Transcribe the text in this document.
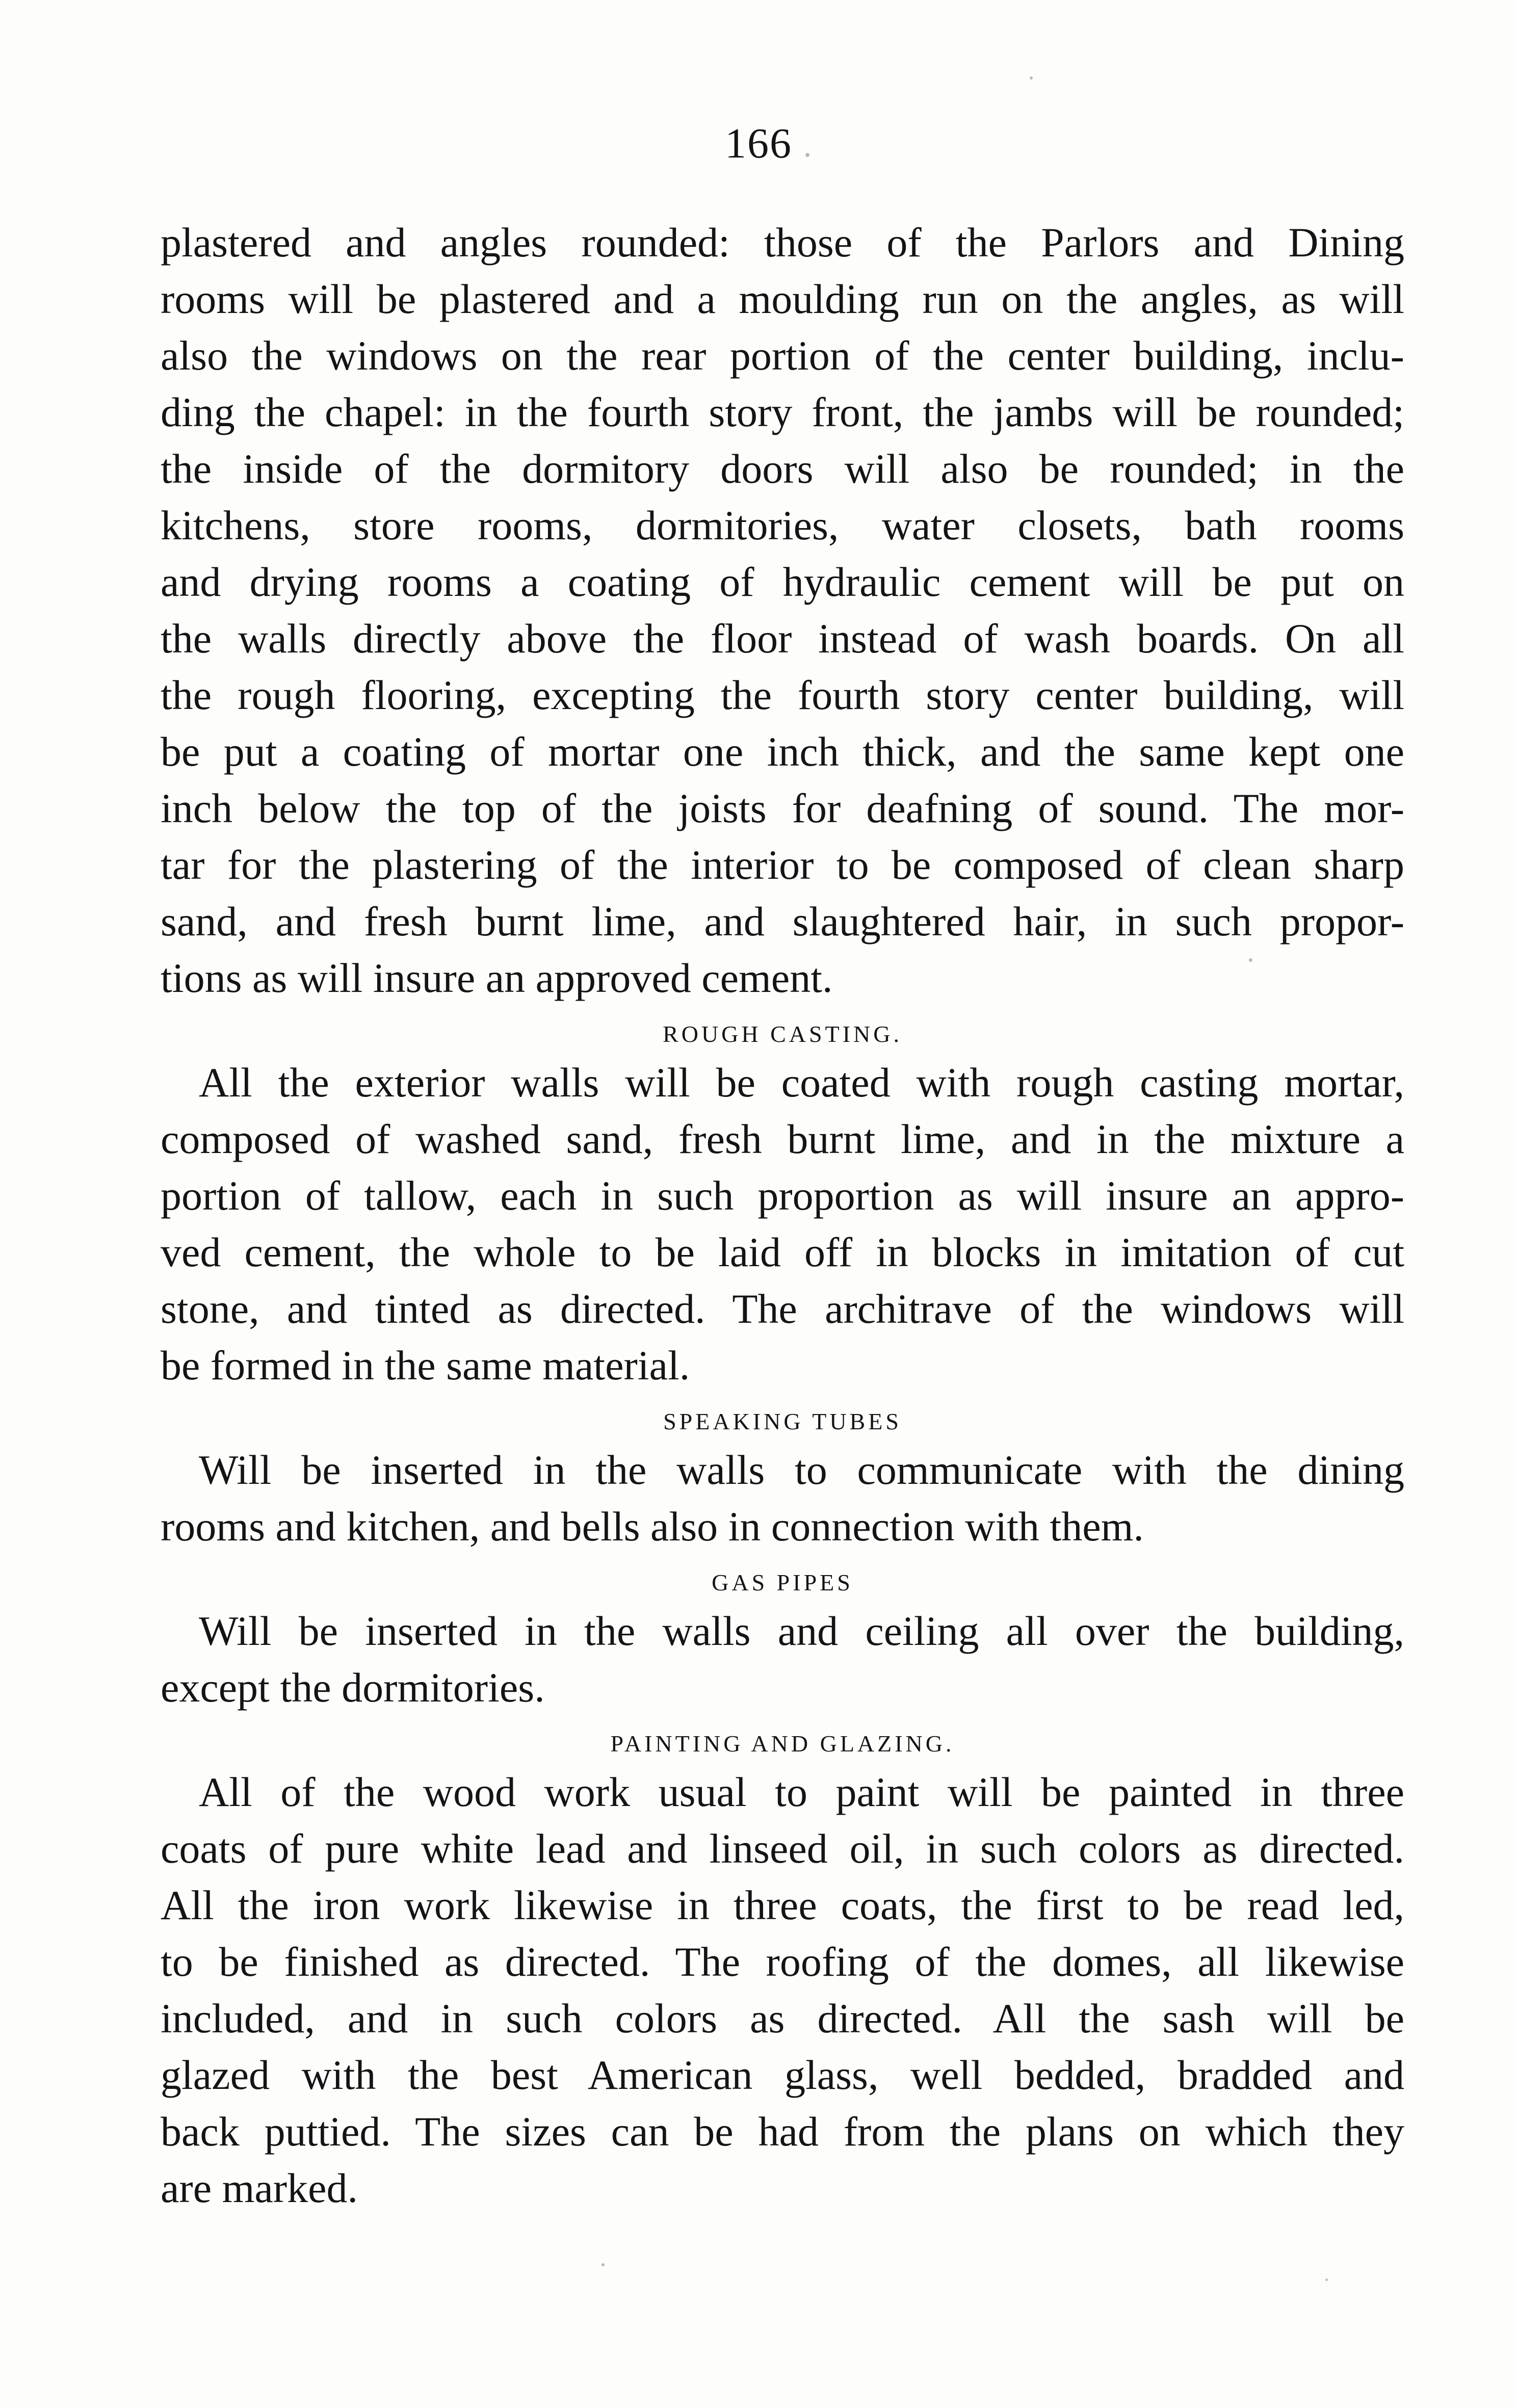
166

plastered and angles rounded: those of the Parlors and Dining
rooms will be plastered and a moulding run on the angles, as will
also the windows on the rear portion of the center building, inclu-
ding the chapel: in the fourth story front, the jambs will be rounded;
the inside of the dormitory doors will also be rounded; in the
kitchens, store rooms, dormitories, water closets, bath rooms
and drying rooms a coating of hydraulic cement will be put on
the walls directly above the floor instead of wash boards. On all
the rough flooring, excepting the fourth story center building, will
be put a coating of mortar one inch thick, and the same kept one
inch below the top of the joists for deafning of sound. The mor-
tar for the plastering of the interior to be composed of clean sharp
sand, and fresh burnt lime, and slaughtered hair, in such propor-
tions as will insure an approved cement.

ROUGH CASTING.

All the exterior walls will be coated with rough casting mortar,
composed of washed sand, fresh burnt lime, and in the mixture a
portion of tallow, each in such proportion as will insure an appro-
ved cement, the whole to be laid off in blocks in imitation of cut
stone, and tinted as directed. The architrave of the windows will
be formed in the same material.

SPEAKING TUBES

Will be inserted in the walls to communicate with the dining
rooms and kitchen, and bells also in connection with them.

GAS PIPES

Will be inserted in the walls and ceiling all over the building,
except the dormitories.

PAINTING AND GLAZING.

All of the wood work usual to paint will be painted in three
coats of pure white lead and linseed oil, in such colors as directed.
All the iron work likewise in three coats, the first to be read led,
to be finished as directed. The roofing of the domes, all likewise
included, and in such colors as directed. All the sash will be
glazed with the best American glass, well bedded, bradded and
back puttied. The sizes can be had from the plans on which they
are marked.
